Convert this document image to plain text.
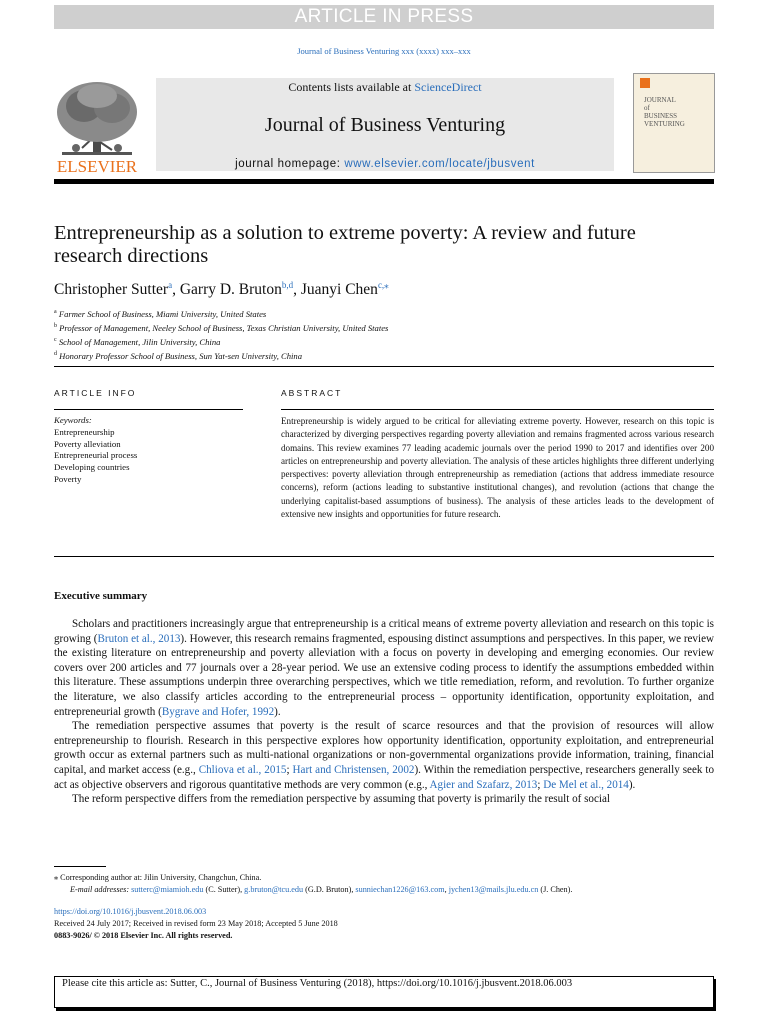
ARTICLE IN PRESS
Journal of Business Venturing xxx (xxxx) xxx–xxx
ELSEVIER
Contents lists available at ScienceDirect
Journal of Business Venturing
journal homepage: www.elsevier.com/locate/jbusvent
JOURNAL
of
BUSINESS
VENTURING
Entrepreneurship as a solution to extreme poverty: A review and future research directions
Christopher Sutter$^a$, Garry D. Bruton$^{b,d}$, Juanyi Chen$^{c,⁎}$
$^a$ Farmer School of Business, Miami University, United States
$^b$ Professor of Management, Neeley School of Business, Texas Christian University, United States
$^c$ School of Management, Jilin University, China
$^d$ Honorary Professor School of Business, Sun Yat-sen University, China
ARTICLE INFO	ABSTRACT
Keywords:
Entrepreneurship
Poverty alleviation
Entrepreneurial process
Developing countries
Poverty
Entrepreneurship is widely argued to be critical for alleviating extreme poverty. However, research on this topic is characterized by diverging perspectives regarding poverty alleviation and remains fragmented across various research domains. This review examines 77 leading academic journals over the period 1990 to 2017 and identifies over 200 articles on entrepreneurship and poverty alleviation. The analysis of these articles highlights three different underlying perspectives: poverty alleviation through entrepreneurship as remediation (actions that address immediate resource concerns), reform (actions leading to substantive institutional changes), and revolution (actions that change the underlying capitalist-based assumptions of business). The analysis of these articles leads to the development of extensive new insights and opportunities for future research.
Executive summary

Scholars and practitioners increasingly argue that entrepreneurship is a critical means of extreme poverty alleviation and research on this topic is growing (Bruton et al., 2013). However, this research remains fragmented, espousing distinct assumptions and perspectives. In this paper, we review the existing literature on entrepreneurship and poverty alleviation with a focus on poverty in developing and emerging economies. Our review covers over 200 articles and 77 journals over a 28-year period. We use an extensive coding process to identify the assumptions embedded within this literature. These assumptions underpin three overarching perspectives, which we title remediation, reform, and revolution. To further organize the literature, we also classify articles according to the entrepreneurial process – opportunity identification, opportunity exploitation, and entrepreneurial growth (Bygrave and Hofer, 1992).

The remediation perspective assumes that poverty is the result of scarce resources and that the provision of resources will allow entrepreneurship to flourish. Research in this perspective explores how opportunity identification, opportunity exploitation, and entrepreneurial growth occur as external partners such as multi-national organizations or non-governmental organizations provide information, training, financial capital, and market access (e.g., Chliova et al., 2015; Hart and Christensen, 2002). Within the remediation perspective, researchers generally seek to act as objective observers and rigorous quantitative methods are very common (e.g., Agier and Szafarz, 2013; De Mel et al., 2014).

The reform perspective differs from the remediation perspective by assuming that poverty is primarily the result of social

⁎ Corresponding author at: Jilin University, Changchun, China.
E-mail addresses: sutterc@miamioh.edu (C. Sutter), g.bruton@tcu.edu (G.D. Bruton), sunniechan1226@163.com, jychen13@mails.jlu.edu.cn (J. Chen).
https://doi.org/10.1016/j.jbusvent.2018.06.003
Received 24 July 2017; Received in revised form 23 May 2018; Accepted 5 June 2018
0883-9026/ © 2018 Elsevier Inc. All rights reserved.
Please cite this article as: Sutter, C., Journal of Business Venturing (2018), https://doi.org/10.1016/j.jbusvent.2018.06.003
